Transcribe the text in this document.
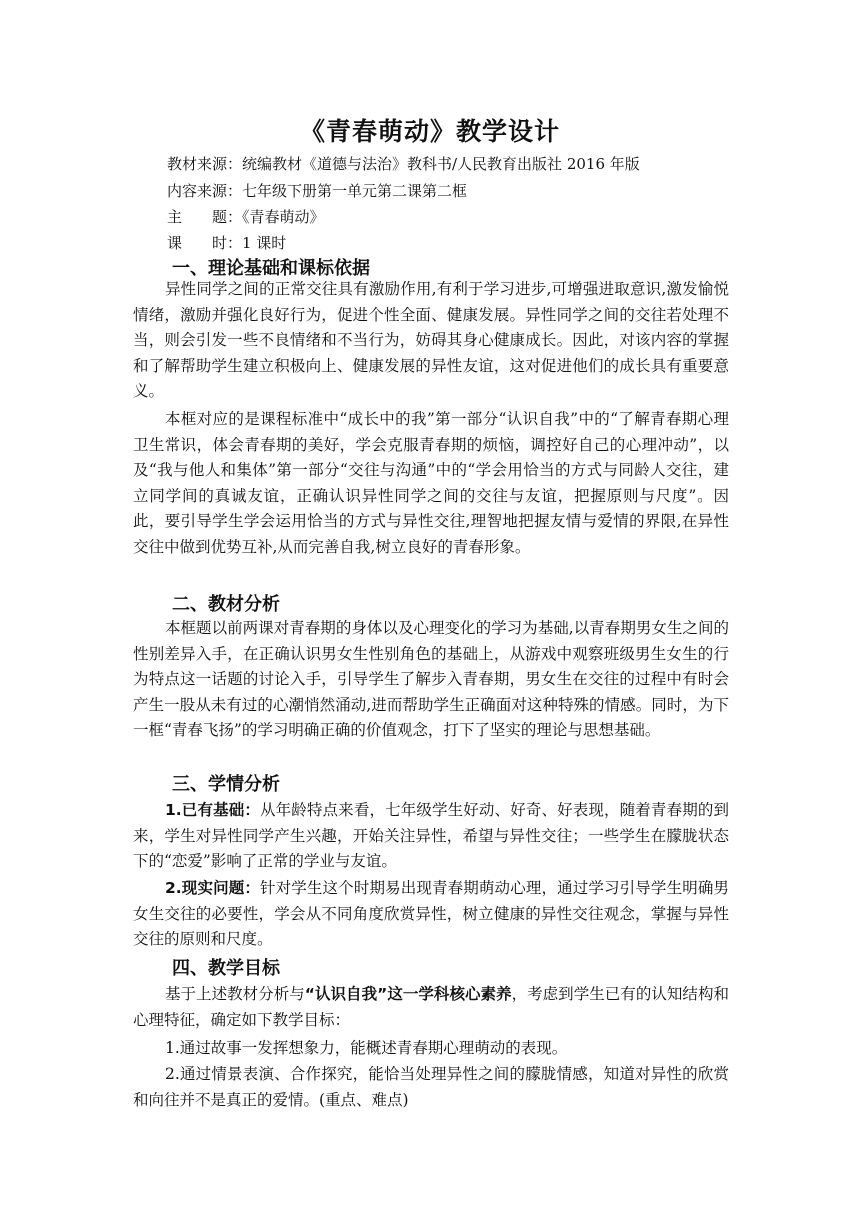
《青春萌动》教学设计
教材来源：统编教材《道德与法治》教科书/人民教育出版社 2016 年版
内容来源：七年级下册第一单元第二课第二框
主　　题：《青春萌动》
课　　时：1 课时
一、理论基础和课标依据

异性同学之间的正常交往具有激励作用,有利于学习进步,可增强进取意识,激发愉悦情绪，激励并强化良好行为，促进个性全面、健康发展。异性同学之间的交往若处理不当，则会引发一些不良情绪和不当行为，妨碍其身心健康成长。因此，对该内容的掌握和了解帮助学生建立积极向上、健康发展的异性友谊，这对促进他们的成长具有重要意义。

本框对应的是课程标准中“成长中的我”第一部分“认识自我”中的“了解青春期心理卫生常识，体会青春期的美好，学会克服青春期的烦恼，调控好自己的心理冲动”，以及“我与他人和集体”第一部分“交往与沟通”中的“学会用恰当的方式与同龄人交往，建立同学间的真诚友谊，正确认识异性同学之间的交往与友谊，把握原则与尺度”。因此，要引导学生学会运用恰当的方式与异性交往,理智地把握友情与爱情的界限,在异性交往中做到优势互补,从而完善自我,树立良好的青春形象。

二、教材分析

本框题以前两课对青春期的身体以及心理变化的学习为基础,以青春期男女生之间的性别差异入手，在正确认识男女生性别角色的基础上，从游戏中观察班级男生女生的行为特点这一话题的讨论入手，引导学生了解步入青春期，男女生在交往的过程中有时会产生一股从未有过的心潮悄然涌动,进而帮助学生正确面对这种特殊的情感。同时，为下一框“青春飞扬”的学习明确正确的价值观念，打下了坚实的理论与思想基础。

三、学情分析

1.已有基础：从年龄特点来看，七年级学生好动、好奇、好表现，随着青春期的到来，学生对异性同学产生兴趣，开始关注异性，希望与异性交往；一些学生在朦胧状态下的“恋爱”影响了正常的学业与友谊。

2.现实问题：针对学生这个时期易出现青春期萌动心理，通过学习引导学生明确男女生交往的必要性，学会从不同角度欣赏异性，树立健康的异性交往观念，掌握与异性交往的原则和尺度。

四、教学目标

基于上述教材分析与“认识自我”这一学科核心素养，考虑到学生已有的认知结构和心理特征，确定如下教学目标：

1.通过故事一发挥想象力，能概述青春期心理萌动的表现。

2.通过情景表演、合作探究，能恰当处理异性之间的朦胧情感，知道对异性的欣赏和向往并不是真正的爱情。(重点、难点)
